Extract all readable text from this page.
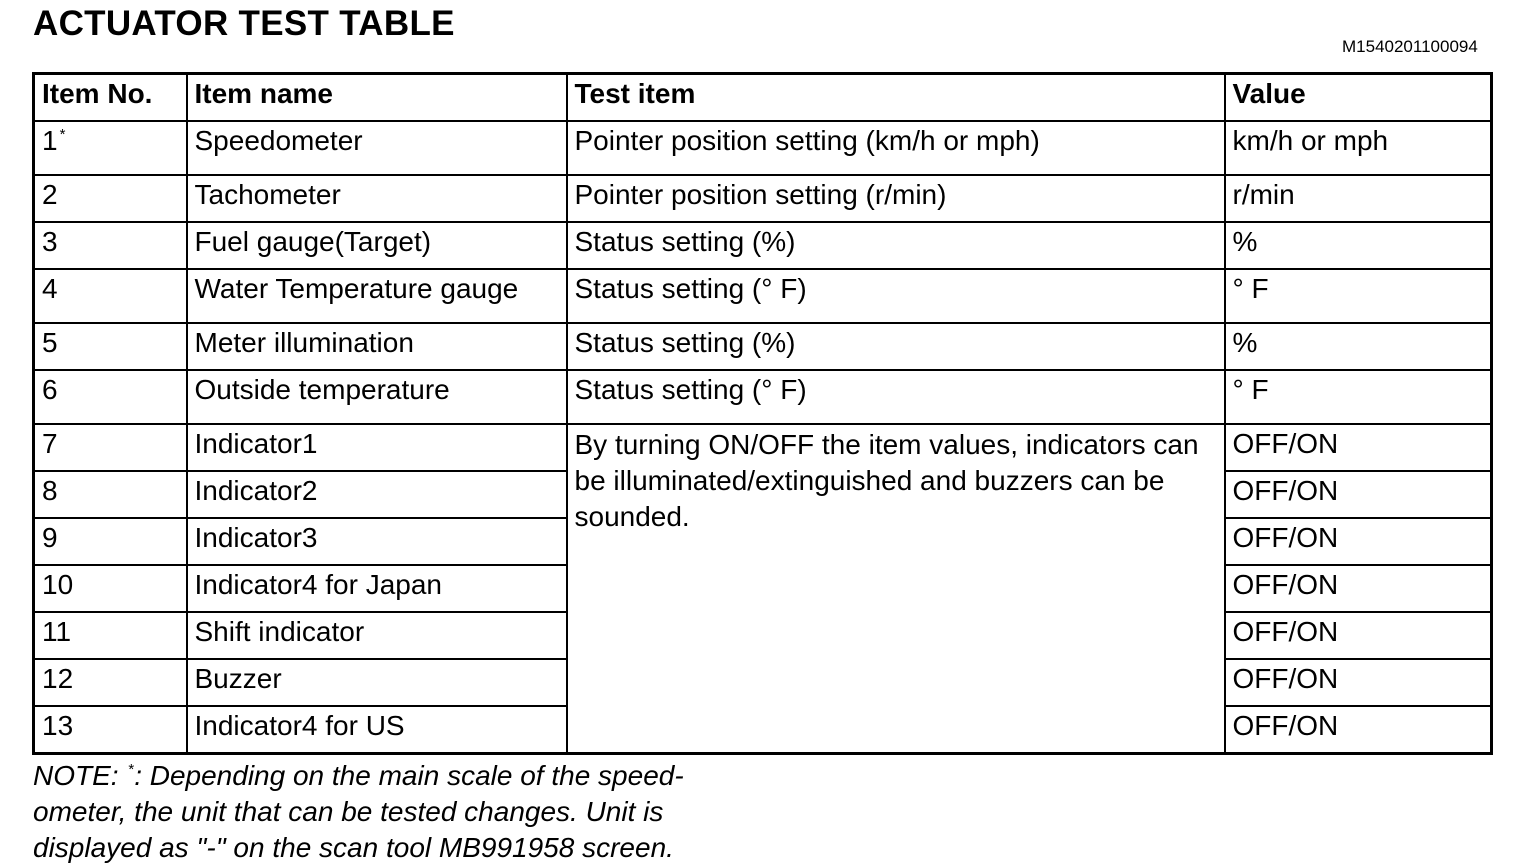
ACTUATOR TEST TABLE
M1540201100094
Item No.	Item name	Test item	Value
1 *	Speedometer	Pointer position setting (km/h or mph)	km/h or mph
2	Tachometer	Pointer position setting (r/min)	r/min
3	Fuel gauge(Target)	Status setting (%)	%
4	Water Temperature gauge	Status setting (° F)	° F
5	Meter illumination	Status setting (%)	%
6	Outside temperature	Status setting (° F)	° F
7	Indicator1	By turning ON/OFF the item values, indicators can be illuminated/extinguished and buzzers can be sounded.	OFF/ON
8	Indicator2		OFF/ON
9	Indicator3		OFF/ON
10	Indicator4 for Japan		OFF/ON
11	Shift indicator		OFF/ON
12	Buzzer		OFF/ON
13	Indicator4 for US		OFF/ON
NOTE: *: Depending on the main scale of the speed-
ometer, the unit that can be tested changes. Unit is
displayed as "-" on the scan tool MB991958 screen.
